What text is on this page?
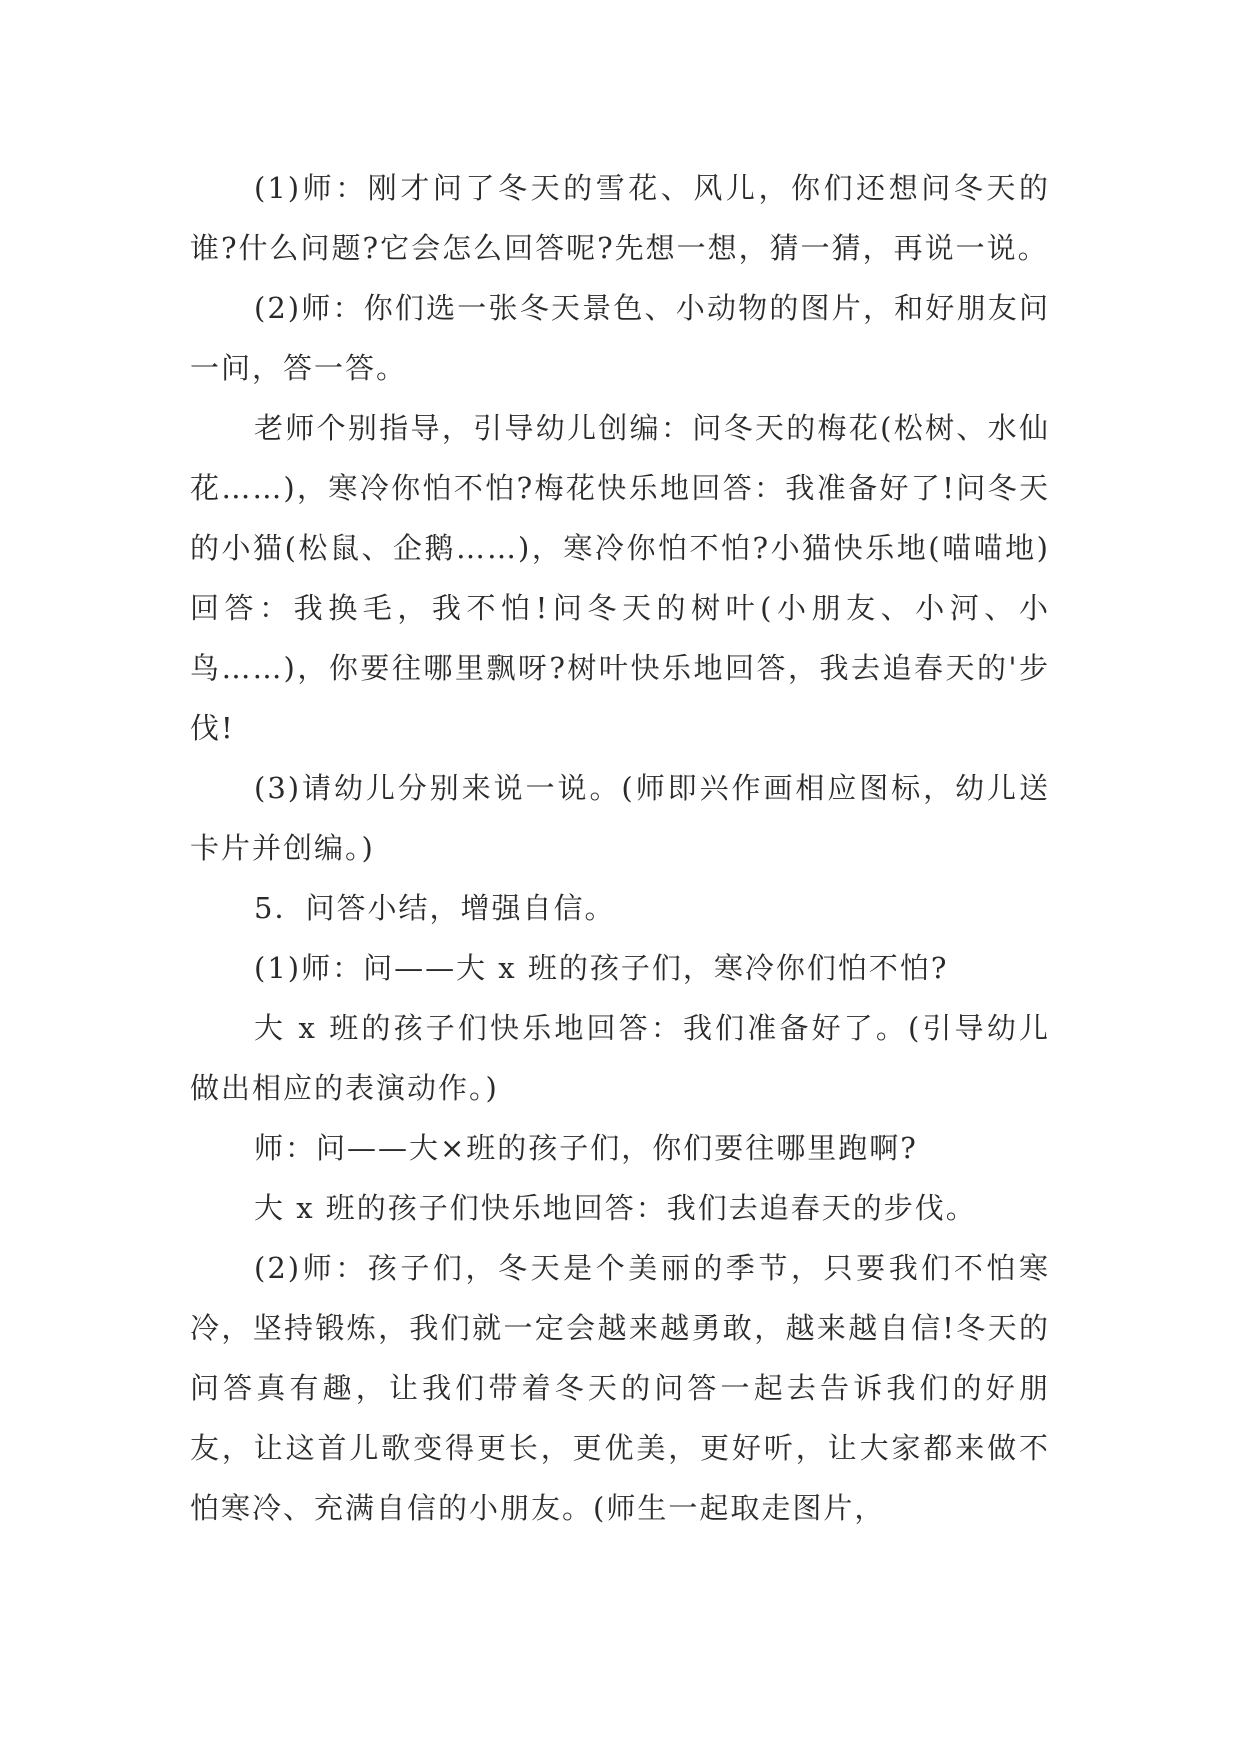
(1)师：刚才问了冬天的雪花、风儿，你们还想问冬天的谁?什么问题?它会怎么回答呢?先想一想，猜一猜，再说一说。

(2)师：你们选一张冬天景色、小动物的图片，和好朋友问一问，答一答。

老师个别指导，引导幼儿创编：问冬天的梅花(松树、水仙花……)，寒冷你怕不怕?梅花快乐地回答：我准备好了!问冬天的小猫(松鼠、企鹅……)，寒冷你怕不怕?小猫快乐地(喵喵地)回答：我换毛，我不怕!问冬天的树叶(小朋友、小河、小鸟……)，你要往哪里飘呀?树叶快乐地回答，我去追春天的'步伐!

(3)请幼儿分别来说一说。(师即兴作画相应图标，幼儿送卡片并创编。)

5．问答小结，增强自信。

(1)师：问——大 x 班的孩子们，寒冷你们怕不怕?

大 x 班的孩子们快乐地回答：我们准备好了。(引导幼儿做出相应的表演动作。)

师：问——大×班的孩子们，你们要往哪里跑啊?

大 x 班的孩子们快乐地回答：我们去追春天的步伐。

(2)师：孩子们，冬天是个美丽的季节，只要我们不怕寒冷，坚持锻炼，我们就一定会越来越勇敢，越来越自信!冬天的问答真有趣，让我们带着冬天的问答一起去告诉我们的好朋友，让这首儿歌变得更长，更优美，更好听，让大家都来做不怕寒冷、充满自信的小朋友。(师生一起取走图片，
